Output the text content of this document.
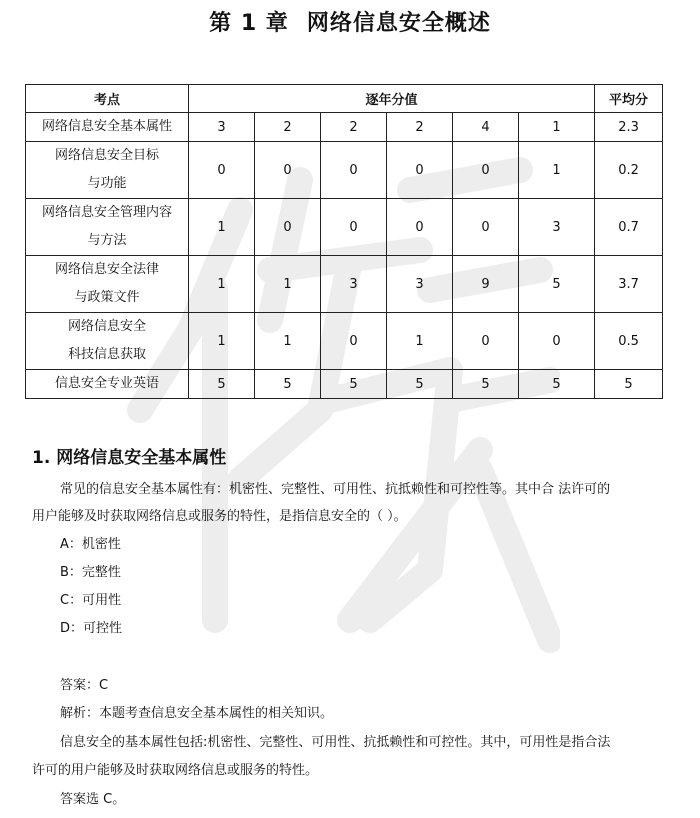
第 1 章 网络信息安全概述
考点	逐年分值						平均分
网络信息安全基本属性	3	2	2	2	4	1	2.3
网络信息安全目标
与功能	0	0	0	0	0	1	0.2
网络信息安全管理内容
与方法	1	0	0	0	0	3	0.7
网络信息安全法律
与政策文件	1	1	3	3	9	5	3.7
网络信息安全
科技信息获取	1	1	0	1	0	0	0.5
信息安全专业英语	5	5	5	5	5	5	5
1. 网络信息安全基本属性
常见的信息安全基本属性有：机密性、完整性、可用性、抗抵赖性和可控性等。其中合 法许可的
用户能够及时获取网络信息或服务的特性，是指信息安全的（ ）。
A：机密性
B：完整性
C：可用性
D：可控性
答案：C
解析：本题考查信息安全基本属性的相关知识。
信息安全的基本属性包括:机密性、完整性、可用性、抗抵赖性和可控性。其中，可用性是指合法
许可的用户能够及时获取网络信息或服务的特性。
答案选 C。
